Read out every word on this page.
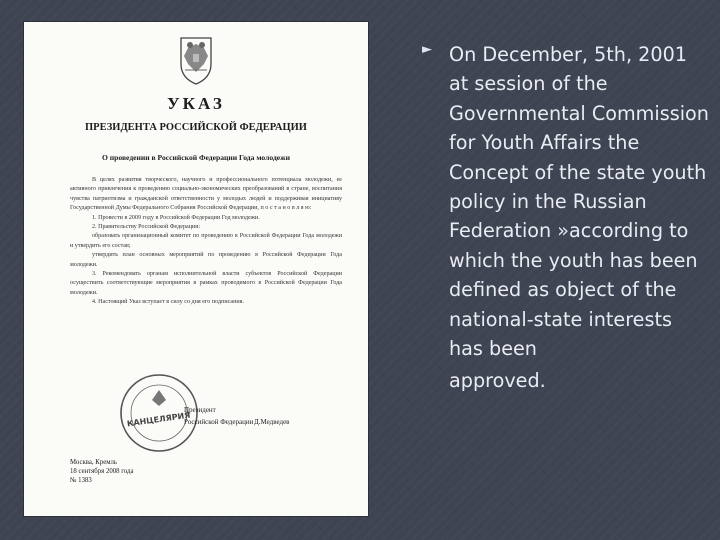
УКАЗ
ПРЕЗИДЕНТА РОССИЙСКОЙ ФЕДЕРАЦИИ
О проведении в Российской Федерации Года молодежи

В целях развития творческого, научного и профессионального потенциала молодежи, ее активного привлечения к проведению социально-экономических преобразований в стране, воспитания чувства патриотизма и гражданской ответственности у молодых людей и поддерживая инициативу Государственной Думы Федерального Собрания Российской Федерации, п о с т а н о в л я ю:

1. Провести в 2009 году в Российской Федерации Год молодежи.

2. Правительству Российской Федерации:

образовать организационный комитет по проведению в Российской Федерации Года молодежи и утвердить его состав;

утвердить план основных мероприятий по проведению в Российской Федерации Года молодежи.

3. Рекомендовать органам исполнительной власти субъектов Российской Федерации осуществить соответствующие мероприятия в рамках проводимого в Российской Федерации Года молодежи.

4. Настоящий Указ вступает в силу со дня его подписания.

КАНЦЕЛЯРИЯ
Президент
Российской Федерации Д.Медведев
Москва, Кремль
18 сентября 2008 года
№ 1383
► On December, 5th, 2001 at session of the Governmental Commission for Youth Affairs the Concept of the state youth policy in the Russian Federation »according to which the youth has been defined as object of the national-state interests has been
approved.
